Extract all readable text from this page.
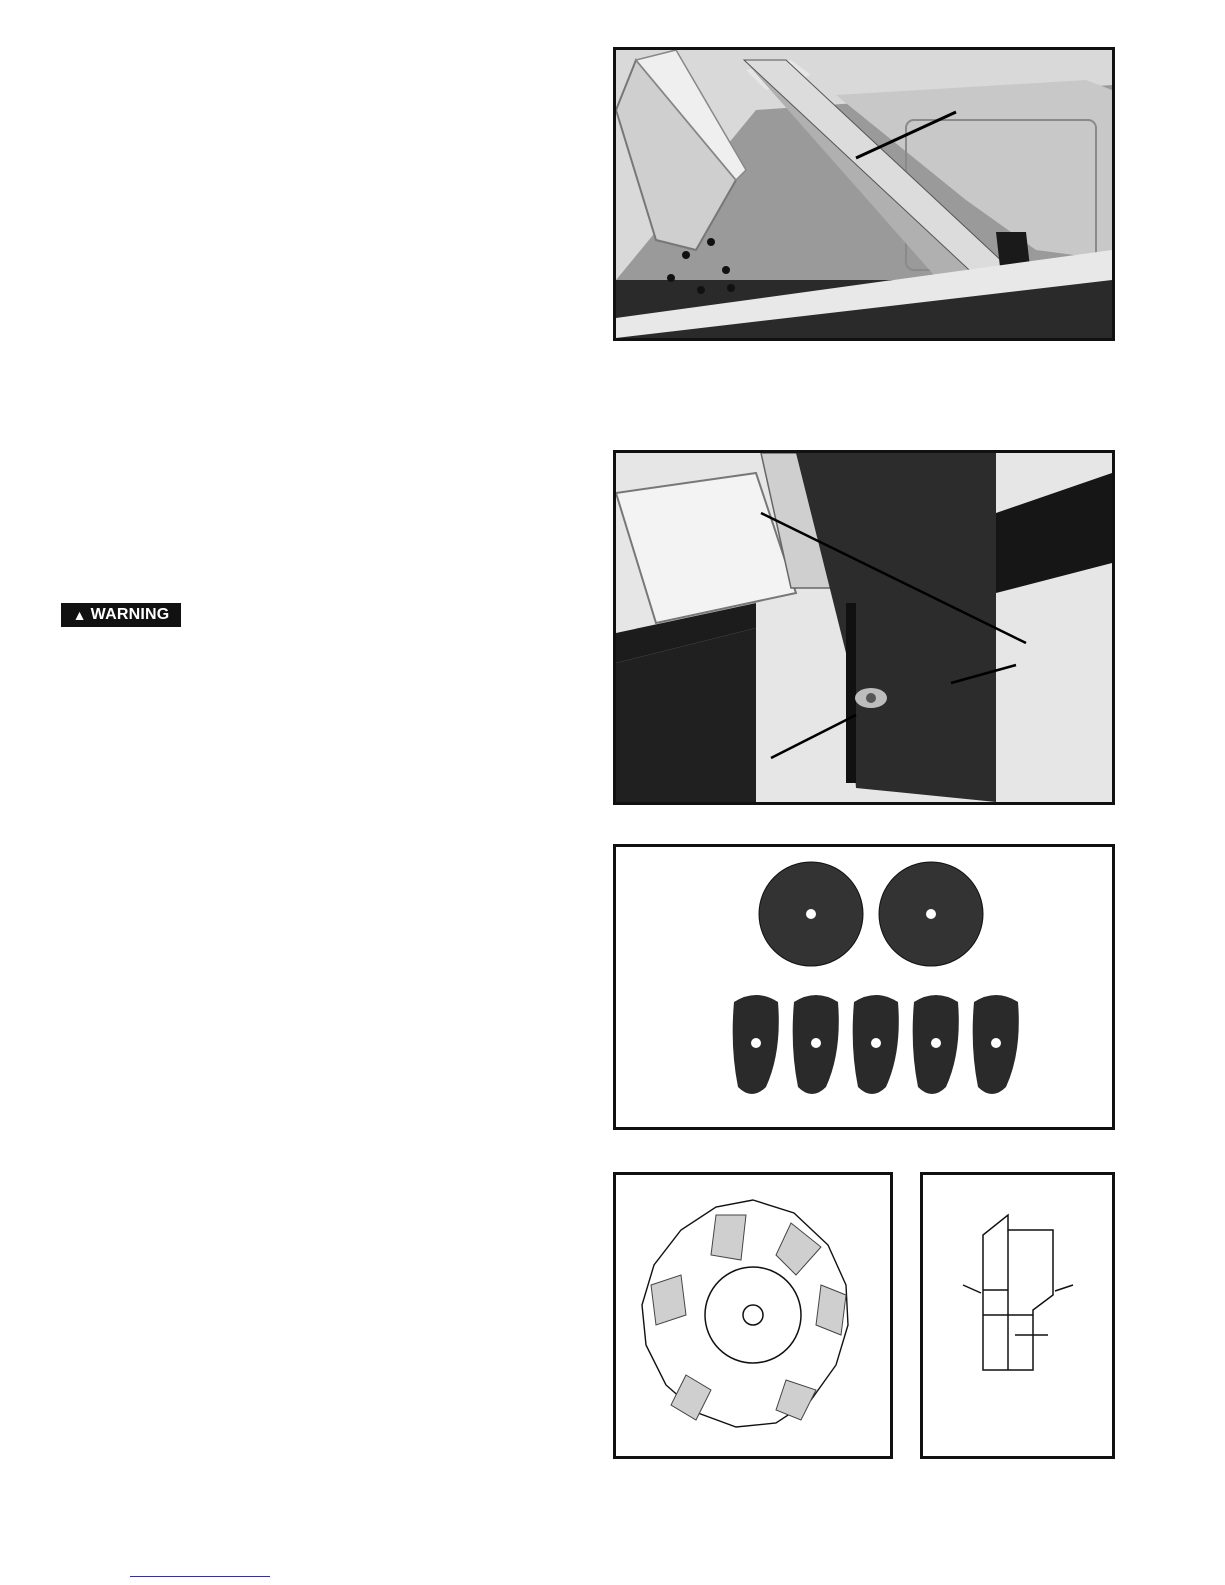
▲ WARNING
